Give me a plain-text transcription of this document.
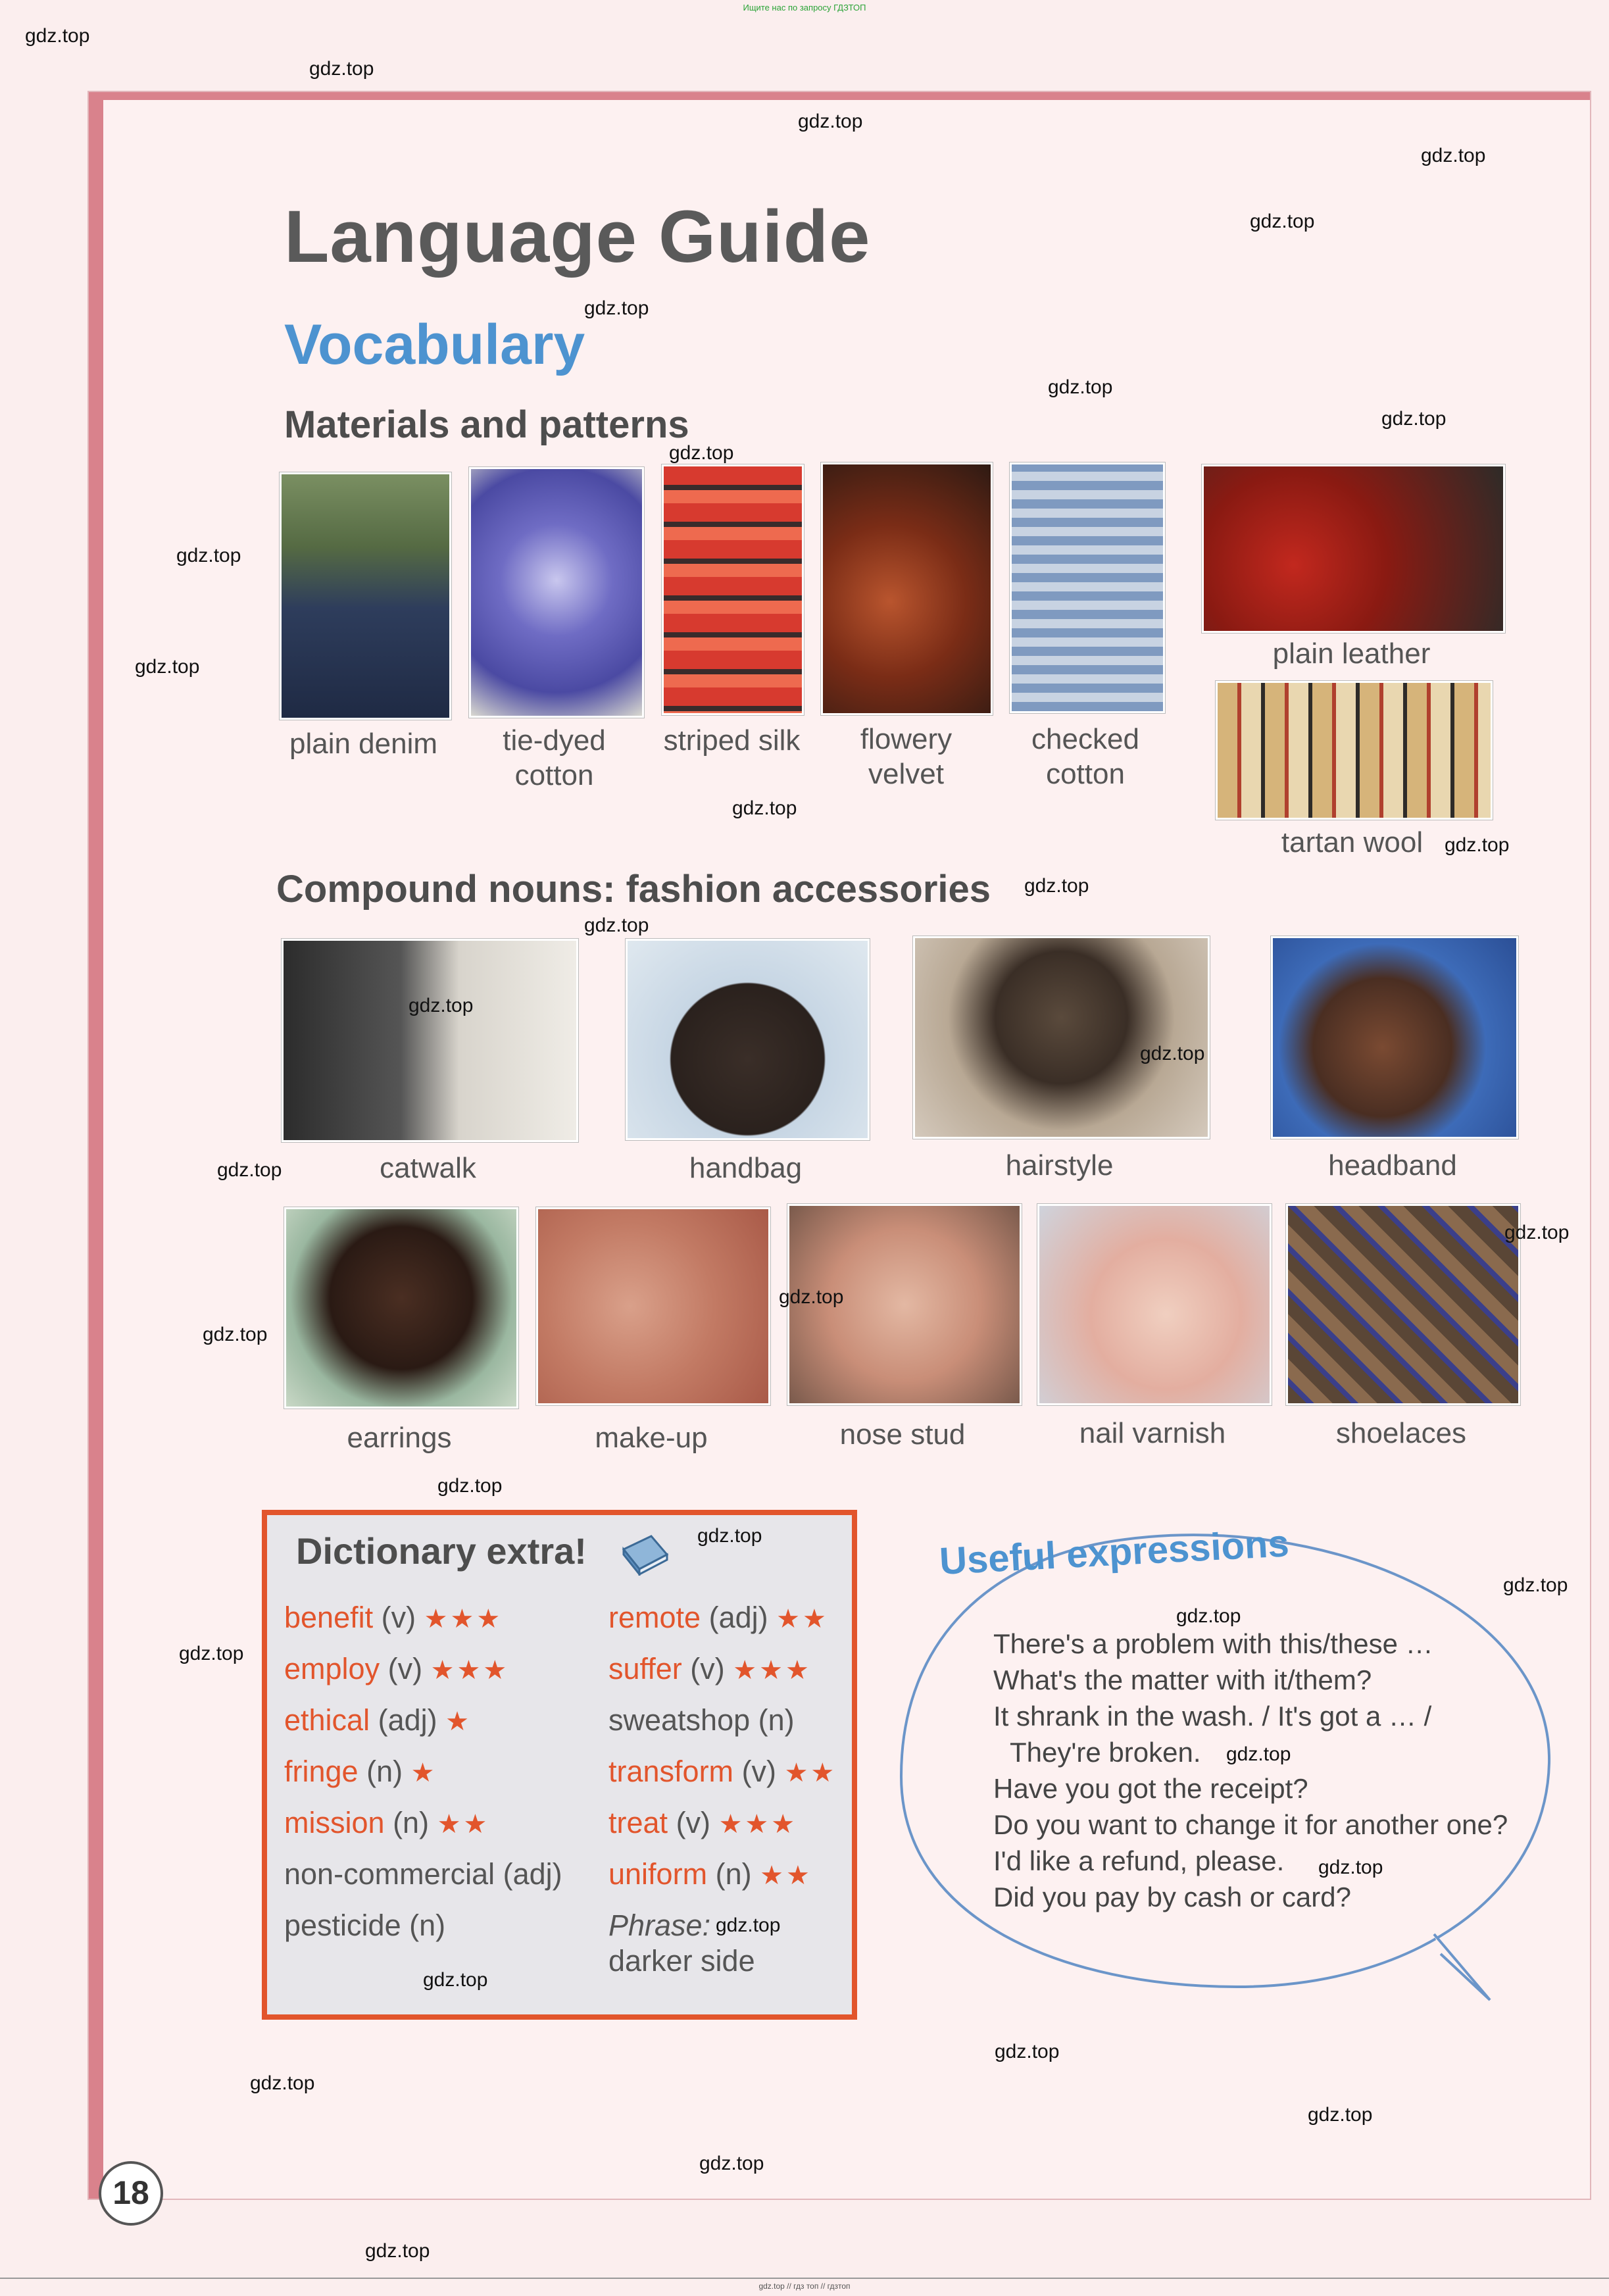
Ищите нас по запросу ГДЗТОП
Language Guide
Vocabulary
Materials and patterns
plain denim	tie-dyed cotton
striped silk	flowery velvet
checked cotton
plain leather
tartan wool
Compound nouns: fashion accessories
catwalk	handbag	hairstyle	headband
earrings	make-up	nose stud	nail varnish	shoelaces
Dictionary extra!
benefit (v) ★★★
employ (v) ★★★
ethical (adj) ★
fringe (n) ★
mission (n) ★★
non-commercial (adj)
pesticide (n)
remote (adj) ★★
suffer (v) ★★★
sweatshop (n)
transform (v) ★★
treat (v) ★★★
uniform (n) ★★
Phrase:
darker side
Useful expressions
There's a problem with this/these …
What's the matter with it/them?
It shrank in the wash. / It's got a … /
They're broken.
Have you got the receipt?
Do you want to change it for another one?
I'd like a refund, please.
Did you pay by cash or card?
18
gdz.top
gdz.top
gdz.top
gdz.top
gdz.top
gdz.top
gdz.top
gdz.top
gdz.top
gdz.top
gdz.top
gdz.top
gdz.top
gdz.top
gdz.top
gdz.top
gdz.top
gdz.top
gdz.top
gdz.top
gdz.top
gdz.top
gdz.top
gdz.top
gdz.top
gdz.top
gdz.top
gdz.top
gdz.top
gdz.top
gdz.top
gdz.top
gdz.top
gdz.top
gdz.top
gdz.top // гдз топ // гдзтоп
